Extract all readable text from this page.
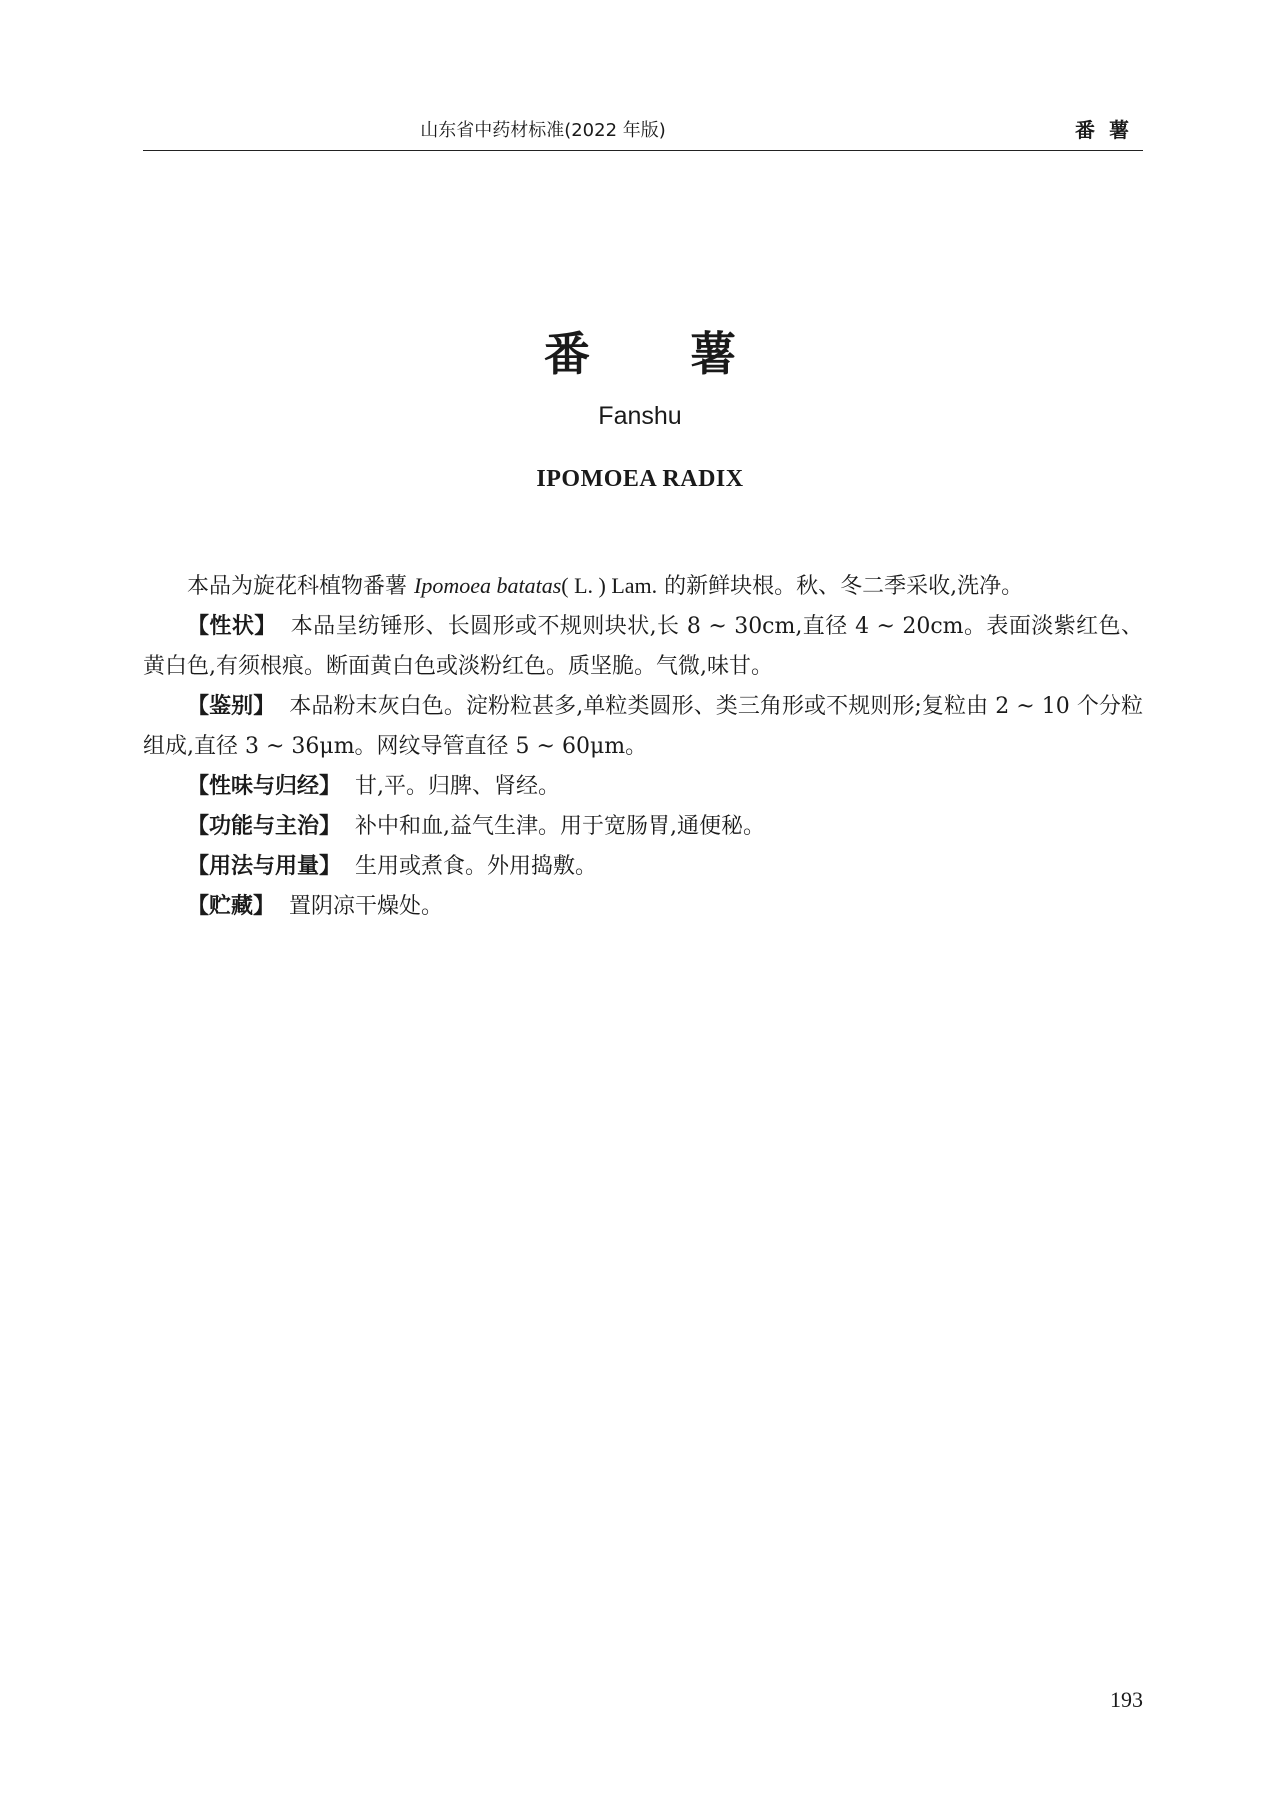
山东省中药材标准(2022 年版)	番薯
番 薯
Fanshu
IPOMOEA RADIX

本品为旋花科植物番薯 Ipomoea batatas( L. ) Lam. 的新鲜块根。秋、冬二季采收,洗净。

【性状】 本品呈纺锤形、长圆形或不规则块状,长 8 ~ 30cm,直径 4 ~ 20cm。表面淡紫红色、黄白色,有须根痕。断面黄白色或淡粉红色。质坚脆。气微,味甘。

【鉴别】 本品粉末灰白色。淀粉粒甚多,单粒类圆形、类三角形或不规则形;复粒由 2 ~ 10 个分粒组成,直径 3 ~ 36μm。网纹导管直径 5 ~ 60μm。

【性味与归经】 甘,平。归脾、肾经。

【功能与主治】 补中和血,益气生津。用于宽肠胃,通便秘。

【用法与用量】 生用或煮食。外用捣敷。

【贮藏】 置阴凉干燥处。

193
